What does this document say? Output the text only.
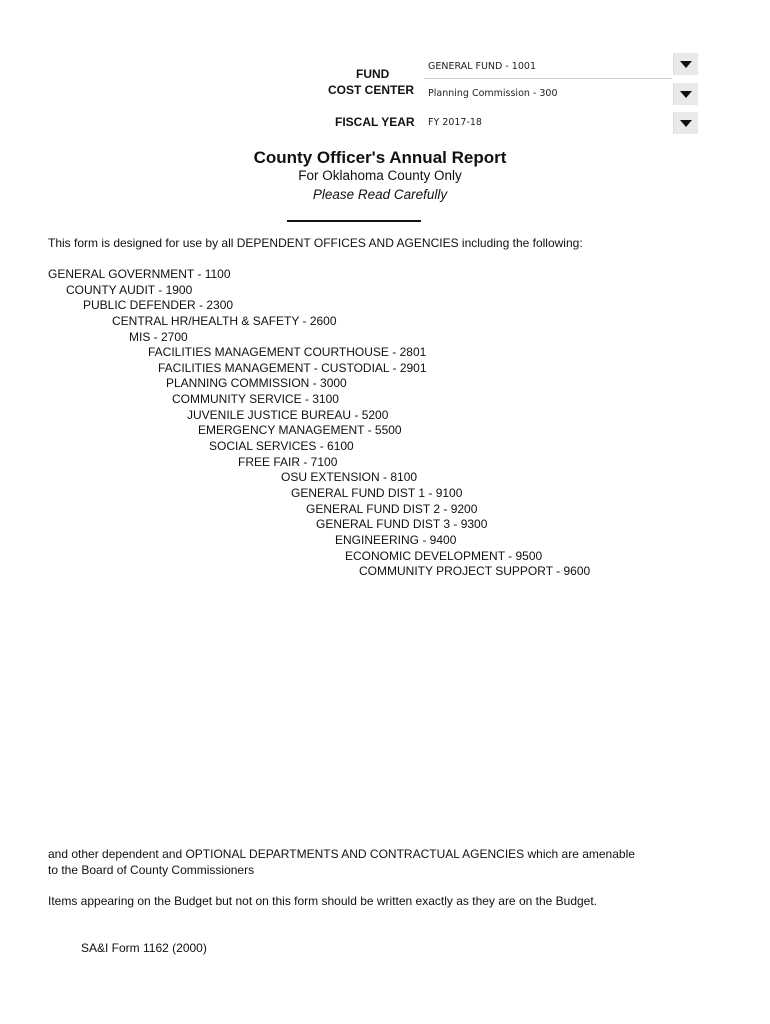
FUND
COST CENTER
FISCAL YEAR
GENERAL FUND - 1001
Planning Commission - 300
FY 2017-18
County Officer's Annual Report
For Oklahoma County Only
Please Read Carefully
This form is designed for use by all DEPENDENT OFFICES AND AGENCIES including the following:
GENERAL GOVERNMENT - 1100
COUNTY AUDIT - 1900
PUBLIC DEFENDER - 2300
CENTRAL HR/HEALTH & SAFETY - 2600
MIS - 2700
FACILITIES MANAGEMENT COURTHOUSE - 2801
FACILITIES MANAGEMENT - CUSTODIAL - 2901
PLANNING COMMISSION - 3000
COMMUNITY SERVICE - 3100
JUVENILE JUSTICE BUREAU - 5200
EMERGENCY MANAGEMENT - 5500
SOCIAL SERVICES - 6100
FREE FAIR - 7100
OSU EXTENSION - 8100
GENERAL FUND DIST 1 - 9100
GENERAL FUND DIST 2 - 9200
GENERAL FUND DIST 3 - 9300
ENGINEERING - 9400
ECONOMIC DEVELOPMENT - 9500
COMMUNITY PROJECT SUPPORT - 9600
and other dependent and OPTIONAL DEPARTMENTS AND CONTRACTUAL AGENCIES which are amenable
to the Board of County Commissioners
Items appearing on the Budget but not on this form should be written exactly as they are on the Budget.
SA&I Form 1162 (2000)
